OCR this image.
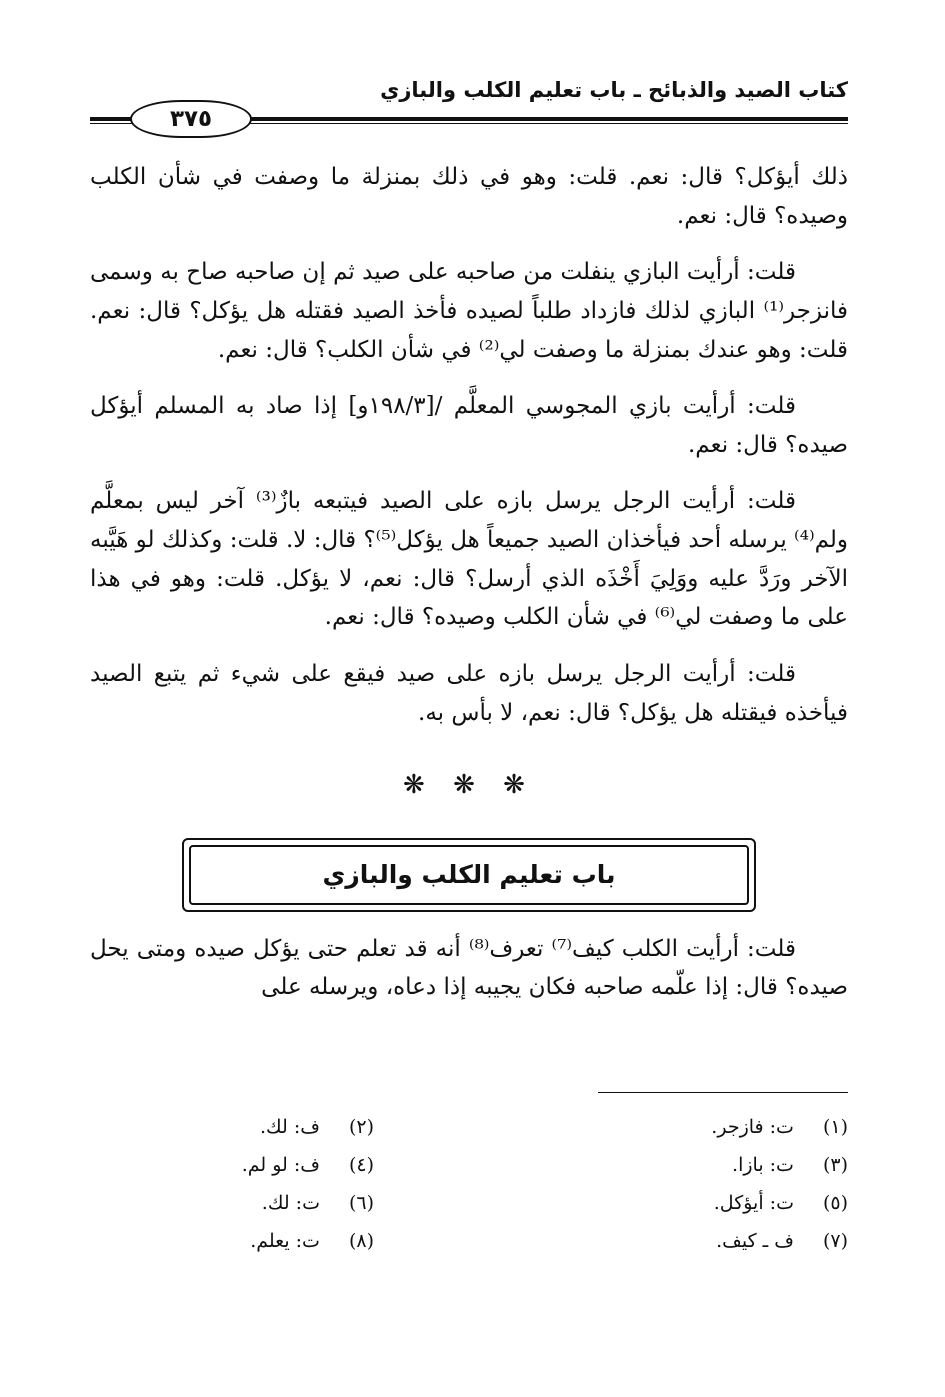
كتاب الصيد والذبائح ـ باب تعليم الكلب والبازي
٣٧٥

ذلك أيؤكل؟ قال: نعم. قلت: وهو في ذلك بمنزلة ما وصفت في شأن الكلب وصيده؟ قال: نعم.

قلت: أرأيت البازي ينفلت من صاحبه على صيد ثم إن صاحبه صاح به وسمى فانزجر⁽¹⁾ البازي لذلك فازداد طلباً لصيده فأخذ الصيد فقتله هل يؤكل؟ قال: نعم. قلت: وهو عندك بمنزلة ما وصفت لي⁽²⁾ في شأن الكلب؟ قال: نعم.

قلت: أرأيت بازي المجوسي المعلَّم /[١٩٨/٣و] إذا صاد به المسلم أيؤكل صيده؟ قال: نعم.

قلت: أرأيت الرجل يرسل بازه على الصيد فيتبعه بازٌ⁽³⁾ آخر ليس بمعلَّم ولم⁽⁴⁾ يرسله أحد فيأخذان الصيد جميعاً هل يؤكل⁽⁵⁾؟ قال: لا. قلت: وكذلك لو هَيَّبه الآخر ورَدَّ عليه ووَلِيَ أَخْذَه الذي أرسل؟ قال: نعم، لا يؤكل. قلت: وهو في هذا على ما وصفت لي⁽⁶⁾ في شأن الكلب وصيده؟ قال: نعم.

قلت: أرأيت الرجل يرسل بازه على صيد فيقع على شيء ثم يتبع الصيد فيأخذه فيقتله هل يؤكل؟ قال: نعم، لا بأس به.

❋ ❋ ❋
باب تعليم الكلب والبازي

قلت: أرأيت الكلب كيف⁽⁷⁾ تعرف⁽⁸⁾ أنه قد تعلم حتى يؤكل صيده ومتى يحل صيده؟ قال: إذا علّمه صاحبه فكان يجيبه إذا دعاه، ويرسله على

(١) ت: فازجر.
(٢) ف: لك.
(٣) ت: بازا.
(٤) ف: لو لم.
(٥) ت: أيؤكل.
(٦) ت: لك.
(٧) ف ـ كيف.
(٨) ت: يعلم.
